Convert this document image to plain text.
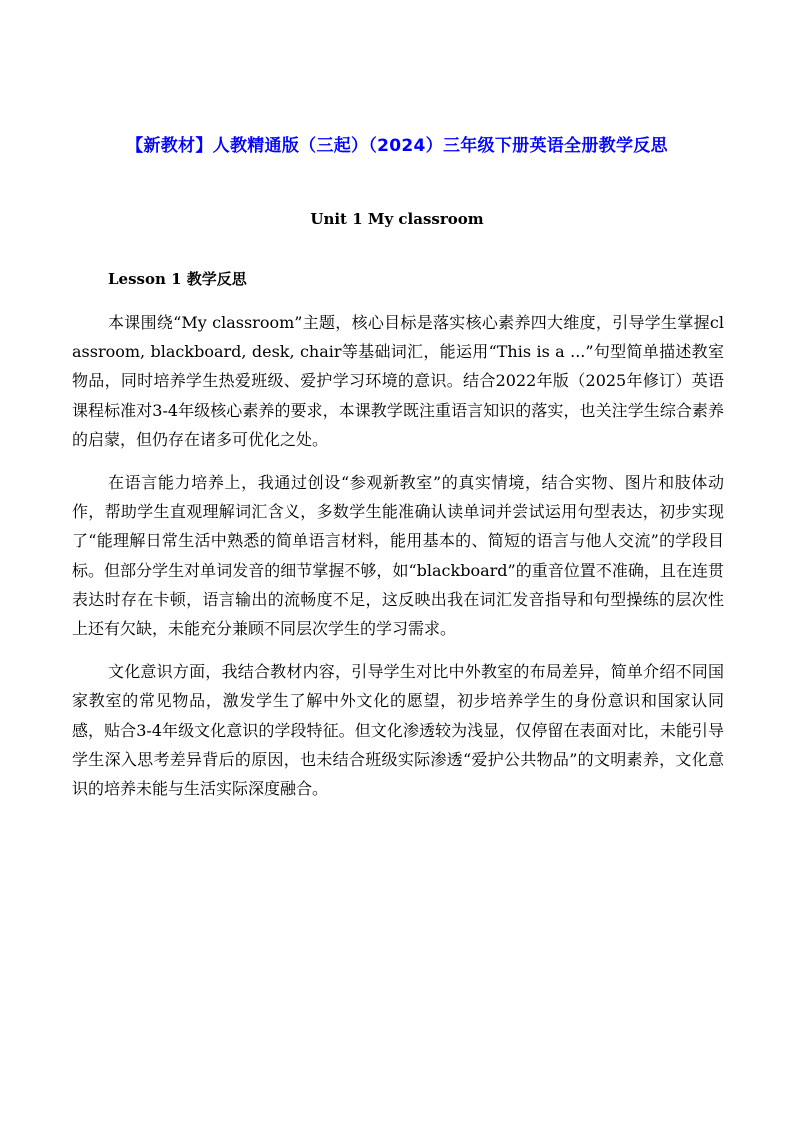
【新教材】人教精通版（三起）（2024）三年级下册英语全册教学反思
Unit 1 My classroom
Lesson 1 教学反思

本课围绕“My classroom”主题，核心目标是落实核心素养四大维度，引导学生掌握classroom, blackboard, desk, chair等基础词汇，能运用“This is a ...”句型简单描述教室物品，同时培养学生热爱班级、爱护学习环境的意识。结合2022年版（2025年修订）英语课程标准对3-4年级核心素养的要求，本课教学既注重语言知识的落实，也关注学生综合素养的启蒙，但仍存在诸多可优化之处。

在语言能力培养上，我通过创设“参观新教室”的真实情境，结合实物、图片和肢体动作，帮助学生直观理解词汇含义，多数学生能准确认读单词并尝试运用句型表达，初步实现了“能理解日常生活中熟悉的简单语言材料，能用基本的、简短的语言与他人交流”的学段目标。但部分学生对单词发音的细节掌握不够，如“blackboard”的重音位置不准确，且在连贯表达时存在卡顿，语言输出的流畅度不足，这反映出我在词汇发音指导和句型操练的层次性上还有欠缺，未能充分兼顾不同层次学生的学习需求。

文化意识方面，我结合教材内容，引导学生对比中外教室的布局差异，简单介绍不同国家教室的常见物品，激发学生了解中外文化的愿望，初步培养学生的身份意识和国家认同感，贴合3-4年级文化意识的学段特征。但文化渗透较为浅显，仅停留在表面对比，未能引导学生深入思考差异背后的原因，也未结合班级实际渗透“爱护公共物品”的文明素养，文化意识的培养未能与生活实际深度融合。
